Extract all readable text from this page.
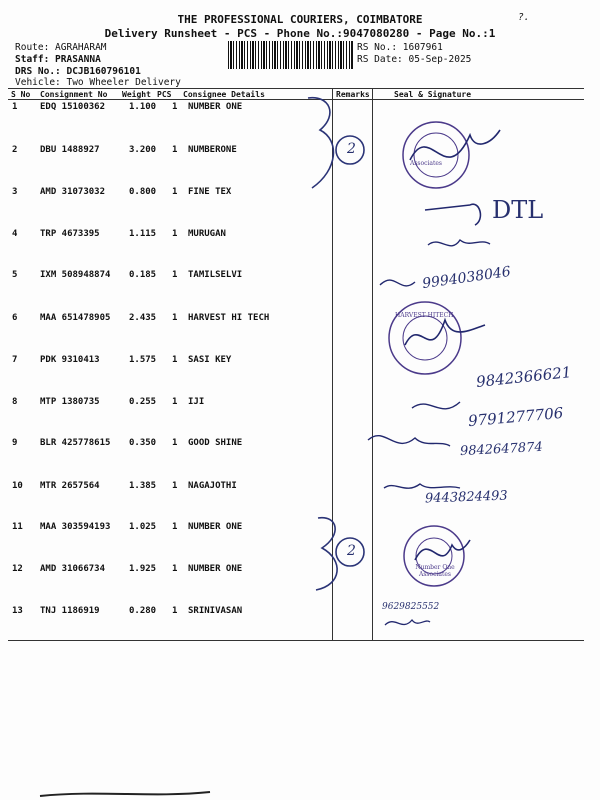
THE PROFESSIONAL COURIERS, COIMBATORE
Delivery Runsheet - PCS - Phone No.:9047080280 - Page No.:1
?.
Route: AGRAHARAM
Staff: PRASANNA
DRS No.: DCJB160796101
Vehicle: Two Wheeler Delivery
RS No.: 1607961
RS Date: 05-Sep-2025
S No Consignment No Weight PCS Consignee Details	Remarks	Seal & Signature
1	EDQ 15100362	1.100 1 NUMBER ONE
2	DBU 1488927	3.200 1 NUMBERONE
3	AMD 31073032	0.800 1 FINE TEX
4	TRP 4673395	1.115 1 MURUGAN
5	IXM 508948874 0.185 1 TAMILSELVI
6	MAA 651478905 2.435 1 HARVEST HI TECH
7	PDK 9310413	1.575 1 SASI KEY
8	MTP 1380735	0.255 1 IJI
9	BLR 425778615 0.350 1 GOOD SHINE
10 MTR 2657564	1.385 1 NAGAJOTHI
11 MAA 303594193 1.025 1 NUMBER ONE
12 AMD 31066734	1.925 1 NUMBER ONE
13 TNJ 1186919	0.280 1 SRINIVASAN
2
2
DTL
9994038046
9842366621
9791277706
9842647874
9443824493
9629825552
Associates
HARVEST HITECH
Number One Associates
